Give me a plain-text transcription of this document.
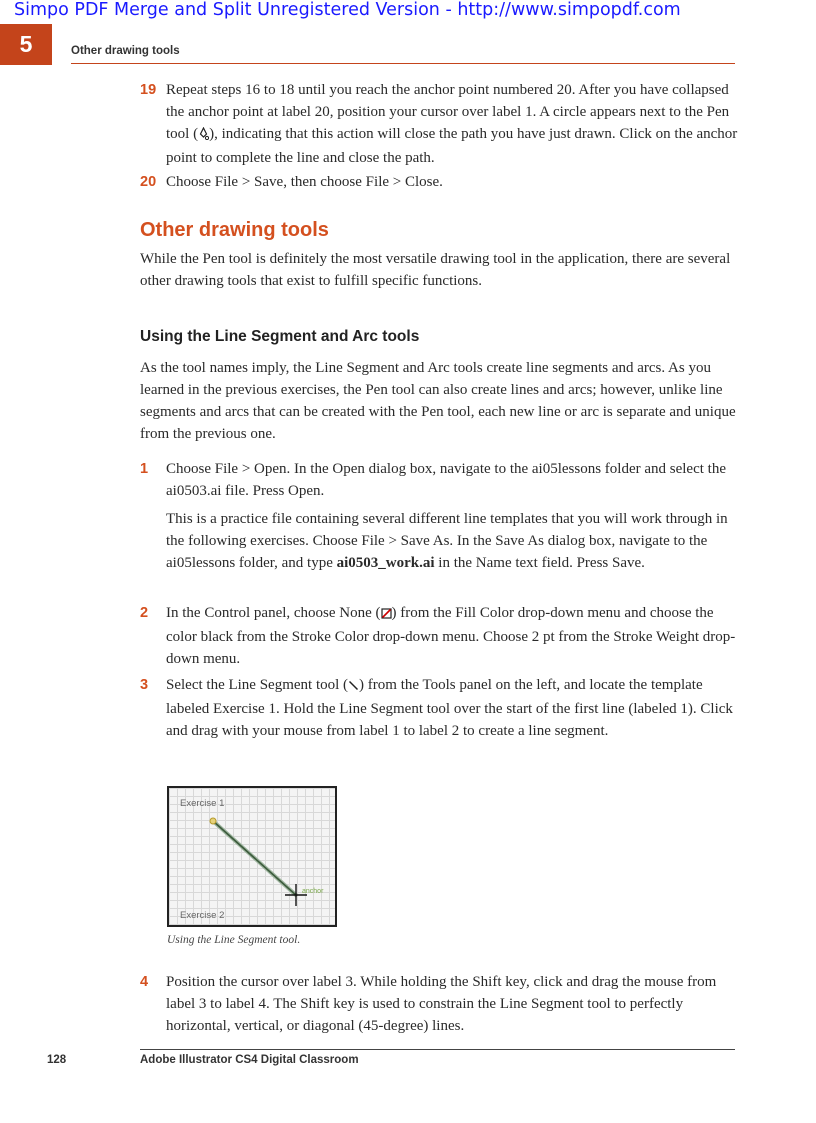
Simpo PDF Merge and Split Unregistered Version - http://www.simpopdf.com
5	Other drawing tools
19 Repeat steps 16 to 18 until you reach the anchor point numbered 20. After you have collapsed the anchor point at label 20, position your cursor over label 1. A circle appears next to the Pen tool ( ), indicating that this action will close the path you have just drawn. Click on the anchor point to complete the line and close the path.
20 Choose File > Save, then choose File > Close.
Other drawing tools
While the Pen tool is definitely the most versatile drawing tool in the application, there are several other drawing tools that exist to fulfill specific functions.
Using the Line Segment and Arc tools
As the tool names imply, the Line Segment and Arc tools create line segments and arcs. As you learned in the previous exercises, the Pen tool can also create lines and arcs; however, unlike line segments and arcs that can be created with the Pen tool, each new line or arc is separate and unique from the previous one.
1 Choose File > Open. In the Open dialog box, navigate to the ai05lessons folder and select the ai0503.ai file. Press Open.
This is a practice file containing several different line templates that you will work through in the following exercises. Choose File > Save As. In the Save As dialog box, navigate to the ai05lessons folder, and type ai0503_work.ai in the Name text field. Press Save.
2 In the Control panel, choose None ( ) from the Fill Color drop-down menu and choose the color black from the Stroke Color drop-down menu. Choose 2 pt from the Stroke Weight drop-down menu.
3 Select the Line Segment tool ( ) from the Tools panel on the left, and locate the template labeled Exercise 1. Hold the Line Segment tool over the start of the first line (labeled 1). Click and drag with your mouse from label 1 to label 2 to create a line segment.
Exercise 1
Exercise 2
anchor
Using the Line Segment tool.
4 Position the cursor over label 3. While holding the Shift key, click and drag the mouse from label 3 to label 4. The Shift key is used to constrain the Line Segment tool to perfectly horizontal, vertical, or diagonal (45-degree) lines.
128	Adobe Illustrator CS4 Digital Classroom
